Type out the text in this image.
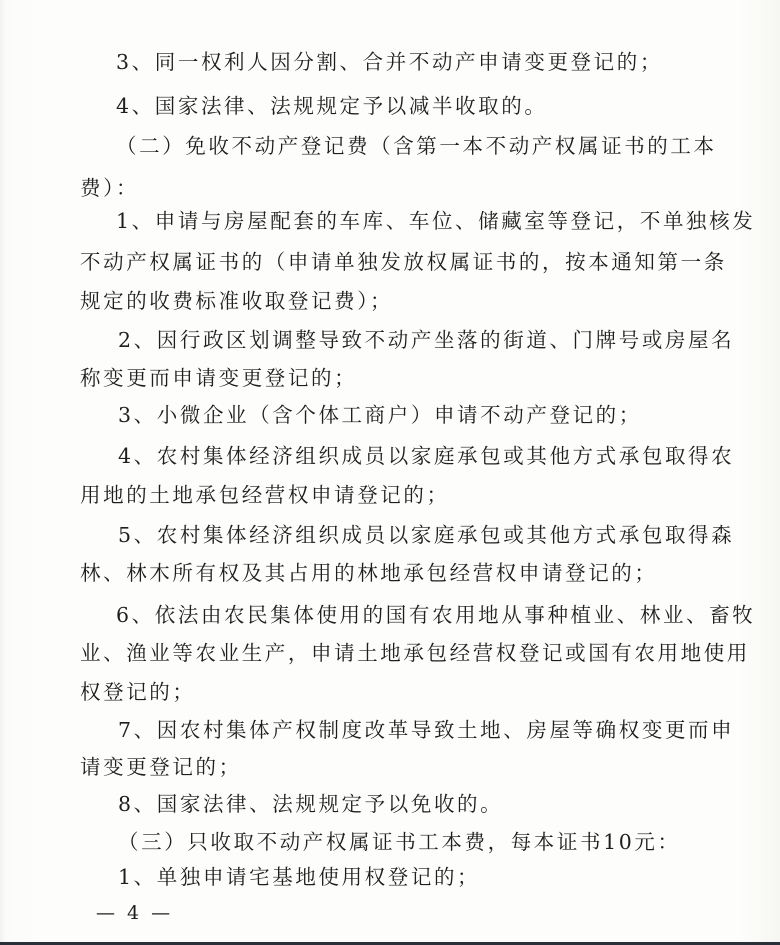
3、同一权利人因分割、合并不动产申请变更登记的；
4、国家法律、法规规定予以减半收取的。
（二）免收不动产登记费（含第一本不动产权属证书的工本
费）：
1、申请与房屋配套的车库、车位、储藏室等登记，不单独核发
不动产权属证书的（申请单独发放权属证书的，按本通知第一条
规定的收费标准收取登记费）；
2、因行政区划调整导致不动产坐落的街道、门牌号或房屋名
称变更而申请变更登记的；
3、小微企业（含个体工商户）申请不动产登记的；
4、农村集体经济组织成员以家庭承包或其他方式承包取得农
用地的土地承包经营权申请登记的；
5、农村集体经济组织成员以家庭承包或其他方式承包取得森
林、林木所有权及其占用的林地承包经营权申请登记的；
6、依法由农民集体使用的国有农用地从事种植业、林业、畜牧
业、渔业等农业生产，申请土地承包经营权登记或国有农用地使用
权登记的；
7、因农村集体产权制度改革导致土地、房屋等确权变更而申
请变更登记的；
8、国家法律、法规规定予以免收的。
（三）只收取不动产权属证书工本费，每本证书10元：
1、单独申请宅基地使用权登记的；
— 4 —
